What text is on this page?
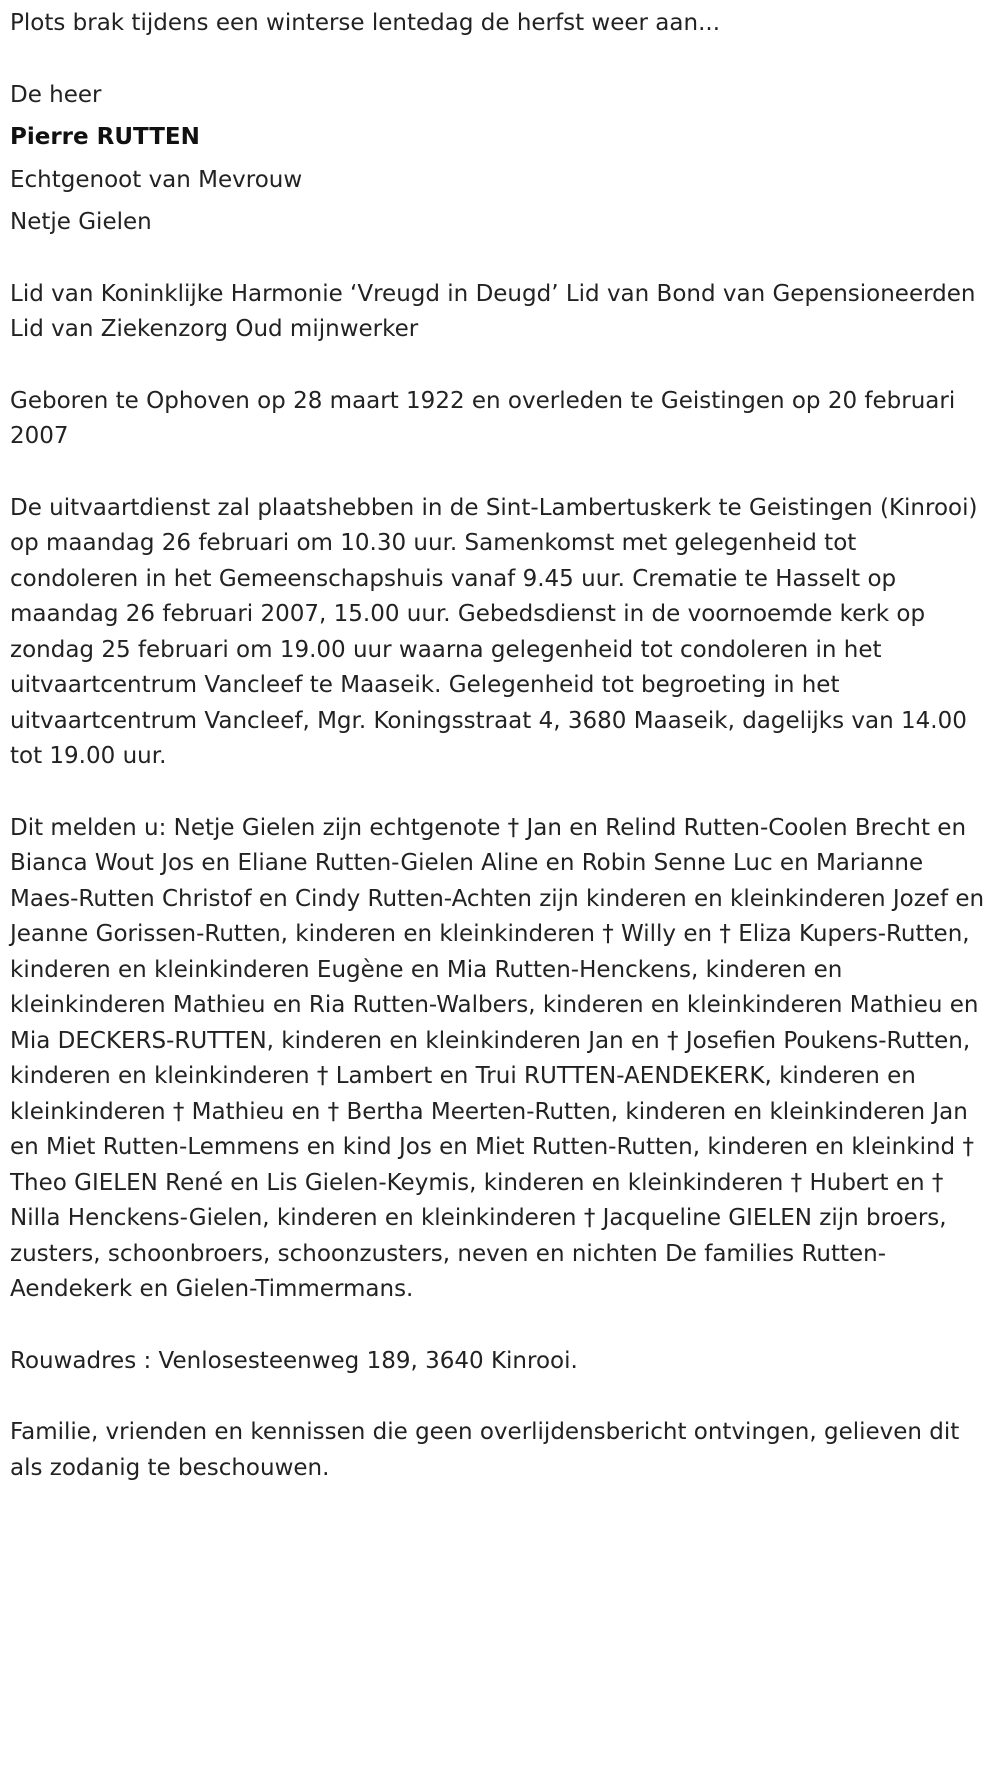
Plots brak tijdens een winterse lentedag de herfst weer aan...

De heer
Pierre RUTTEN
Echtgenoot van Mevrouw
Netje Gielen

Lid van Koninklijke Harmonie ‘Vreugd in Deugd’ Lid van Bond van Gepensioneerden Lid van Ziekenzorg Oud mijnwerker

Geboren te Ophoven op 28 maart 1922 en overleden te Geistingen op 20 februari 2007

De uitvaartdienst zal plaatshebben in de Sint-Lambertuskerk te Geistingen (Kinrooi) op maandag 26 februari om 10.30 uur. Samenkomst met gelegenheid tot condoleren in het Gemeenschapshuis vanaf 9.45 uur. Crematie te Hasselt op maandag 26 februari 2007, 15.00 uur. Gebedsdienst in de voornoemde kerk op zondag 25 februari om 19.00 uur waarna gelegenheid tot condoleren in het uitvaartcentrum Vancleef te Maaseik. Gelegenheid tot begroeting in het uitvaartcentrum Vancleef, Mgr. Koningsstraat 4, 3680 Maaseik, dagelijks van 14.00 tot 19.00 uur.

Dit melden u: Netje Gielen zijn echtgenote † Jan en Relind Rutten-Coolen Brecht en Bianca Wout Jos en Eliane Rutten-Gielen Aline en Robin Senne Luc en Marianne Maes-Rutten Christof en Cindy Rutten-Achten zijn kinderen en kleinkinderen Jozef en Jeanne Gorissen-Rutten, kinderen en kleinkinderen † Willy en † Eliza Kupers-Rutten, kinderen en kleinkinderen Eugène en Mia Rutten-Henckens, kinderen en kleinkinderen Mathieu en Ria Rutten-Walbers, kinderen en kleinkinderen Mathieu en Mia DECKERS-RUTTEN, kinderen en kleinkinderen Jan en † Josefien Poukens-Rutten, kinderen en kleinkinderen † Lambert en Trui RUTTEN-AENDEKERK, kinderen en kleinkinderen † Mathieu en † Bertha Meerten-Rutten, kinderen en kleinkinderen Jan en Miet Rutten-Lemmens en kind Jos en Miet Rutten-Rutten, kinderen en kleinkind † Theo GIELEN René en Lis Gielen-Keymis, kinderen en kleinkinderen † Hubert en † Nilla Henckens-Gielen, kinderen en kleinkinderen † Jacqueline GIELEN zijn broers, zusters, schoonbroers, schoonzusters, neven en nichten De families Rutten-Aendekerk en Gielen-Timmermans.

Rouwadres : Venlosesteenweg 189, 3640 Kinrooi.

Familie, vrienden en kennissen die geen overlijdensbericht ontvingen, gelieven dit als zodanig te beschouwen.
